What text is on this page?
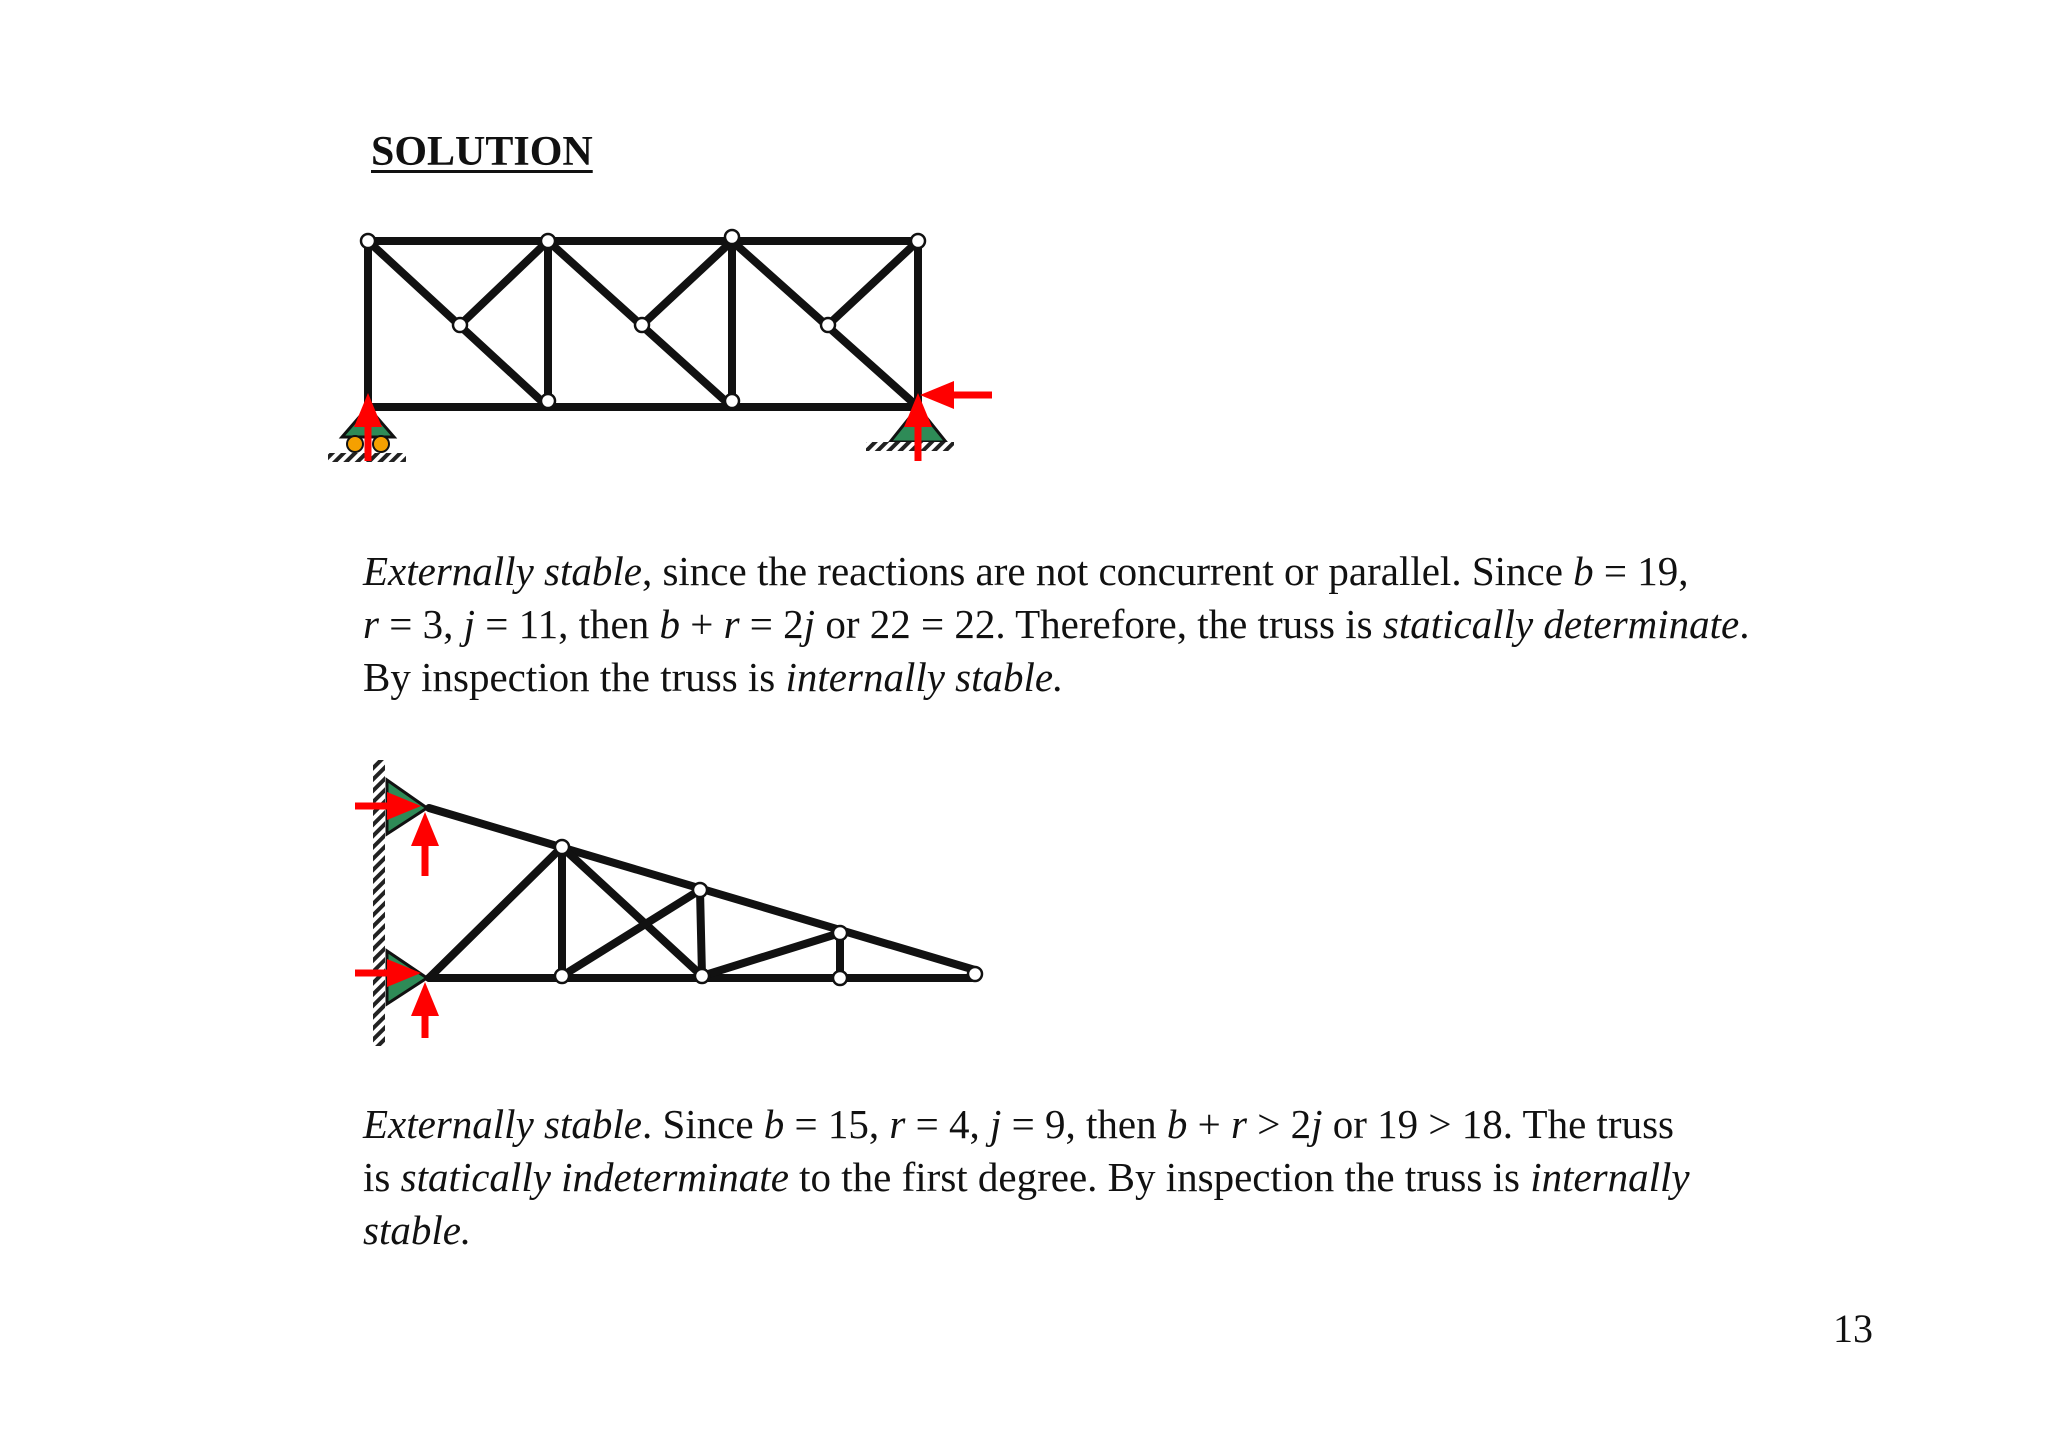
SOLUTION

Externally stable, since the reactions are not concurrent or parallel. Since b = 19,

r = 3, j = 11, then b + r = 2j or 22 = 22. Therefore, the truss is statically determinate.

By inspection the truss is internally stable.

Externally stable. Since b = 15, r = 4, j = 9, then b + r > 2j or 19 > 18. The truss

is statically indeterminate to the first degree. By inspection the truss is internally

stable.

13
